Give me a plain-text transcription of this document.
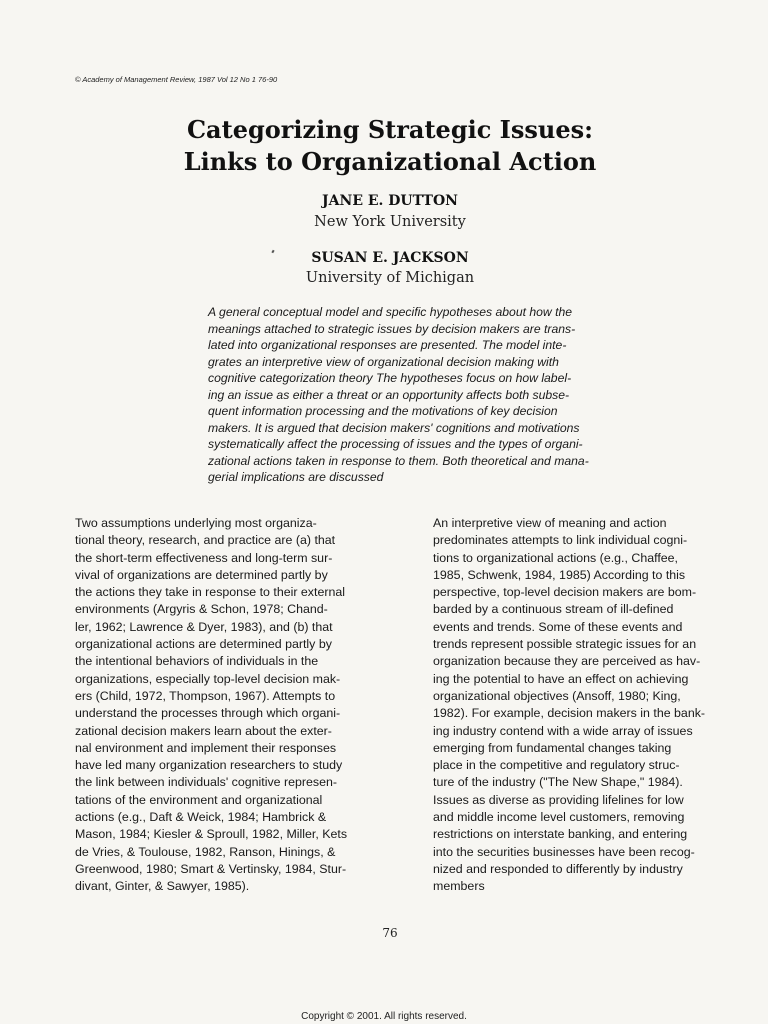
© Academy of Management Review, 1987 Vol 12 No 1 76-90
Categorizing Strategic Issues:
Links to Organizational Action
JANE E. DUTTON
New York University
SUSAN E. JACKSON
University of Michigan
A general conceptual model and specific hypotheses about how the
meanings attached to strategic issues by decision makers are trans-
lated into organizational responses are presented. The model inte-
grates an interpretive view of organizational decision making with
cognitive categorization theory The hypotheses focus on how label-
ing an issue as either a threat or an opportunity affects both subse-
quent information processing and the motivations of key decision
makers. It is argued that decision makers' cognitions and motivations
systematically affect the processing of issues and the types of organi-
zational actions taken in response to them. Both theoretical and mana-
gerial implications are discussed
Two assumptions underlying most organiza-
tional theory, research, and practice are (a) that
the short-term effectiveness and long-term sur-
vival of organizations are determined partly by
the actions they take in response to their external
environments (Argyris & Schon, 1978; Chand-
ler, 1962; Lawrence & Dyer, 1983), and (b) that
organizational actions are determined partly by
the intentional behaviors of individuals in the
organizations, especially top-level decision mak-
ers (Child, 1972, Thompson, 1967). Attempts to
understand the processes through which organi-
zational decision makers learn about the exter-
nal environment and implement their responses
have led many organization researchers to study
the link between individuals' cognitive represen-
tations of the environment and organizational
actions (e.g., Daft & Weick, 1984; Hambrick &
Mason, 1984; Kiesler & Sproull, 1982, Miller, Kets
de Vries, & Toulouse, 1982, Ranson, Hinings, &
Greenwood, 1980; Smart & Vertinsky, 1984, Stur-
divant, Ginter, & Sawyer, 1985).
An interpretive view of meaning and action
predominates attempts to link individual cogni-
tions to organizational actions (e.g., Chaffee,
1985, Schwenk, 1984, 1985) According to this
perspective, top-level decision makers are bom-
barded by a continuous stream of ill-defined
events and trends. Some of these events and
trends represent possible strategic issues for an
organization because they are perceived as hav-
ing the potential to have an effect on achieving
organizational objectives (Ansoff, 1980; King,
1982). For example, decision makers in the bank-
ing industry contend with a wide array of issues
emerging from fundamental changes taking
place in the competitive and regulatory struc-
ture of the industry ("The New Shape," 1984).
Issues as diverse as providing lifelines for low
and middle income level customers, removing
restrictions on interstate banking, and entering
into the securities businesses have been recog-
nized and responded to differently by industry
members
76
Copyright © 2001. All rights reserved.
